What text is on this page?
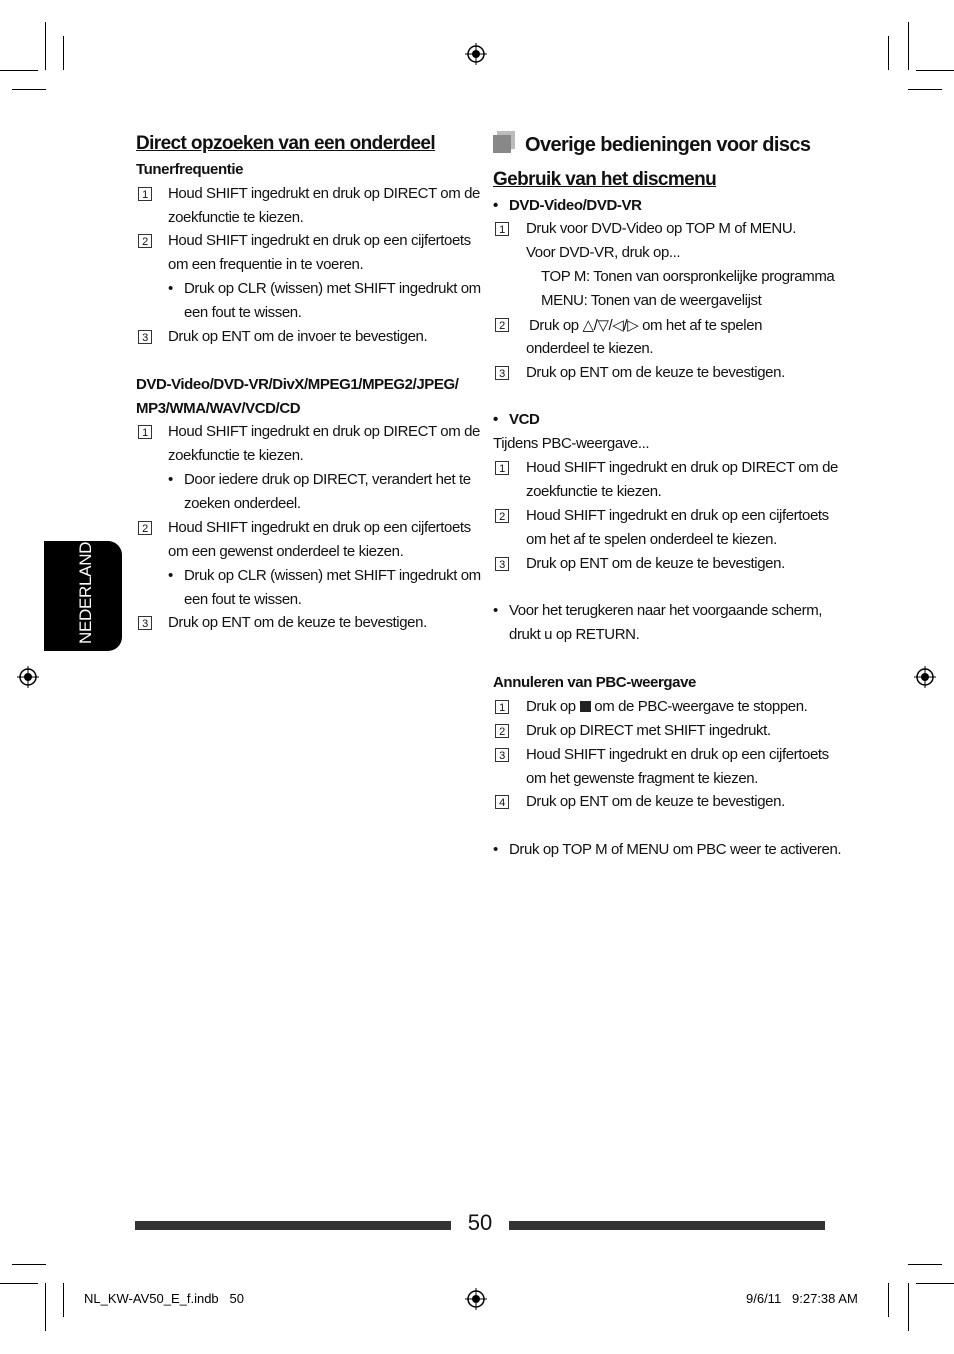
NEDERLANDS
Direct opzoeken van een onderdeel
Tunerfrequentie
1 Houd SHIFT ingedrukt en druk op DIRECT om de
zoekfunctie te kiezen.
2 Houd SHIFT ingedrukt en druk op een cijfertoets
om een frequentie in te voeren.
• Druk op CLR (wissen) met SHIFT ingedrukt om
een fout te wissen.
3 Druk op ENT om de invoer te bevestigen.
DVD-Video/DVD-VR/DivX/MPEG1/MPEG2/JPEG/
MP3/WMA/WAV/VCD/CD
1 Houd SHIFT ingedrukt en druk op DIRECT om de
zoekfunctie te kiezen.
• Door iedere druk op DIRECT, verandert het te
zoeken onderdeel.
2 Houd SHIFT ingedrukt en druk op een cijfertoets
om een gewenst onderdeel te kiezen.
• Druk op CLR (wissen) met SHIFT ingedrukt om
een fout te wissen.
3 Druk op ENT om de keuze te bevestigen.
Overige bedieningen voor discs
Gebruik van het discmenu
• DVD-Video/DVD-VR
1 Druk voor DVD-Video op TOP M of MENU.
Voor DVD-VR, druk op...
TOP M: Tonen van oorspronkelijke programma
MENU: Tonen van de weergavelijst
2 Druk op △/▽/◁/▷ om het af te spelen
onderdeel te kiezen.
3 Druk op ENT om de keuze te bevestigen.
• VCD
Tijdens PBC-weergave...
1 Houd SHIFT ingedrukt en druk op DIRECT om de
zoekfunctie te kiezen.
2 Houd SHIFT ingedrukt en druk op een cijfertoets
om het af te spelen onderdeel te kiezen.
3 Druk op ENT om de keuze te bevestigen.
• Voor het terugkeren naar het voorgaande scherm,
drukt u op RETURN.
Annuleren van PBC-weergave
1 Druk op om de PBC-weergave te stoppen.
2 Druk op DIRECT met SHIFT ingedrukt.
3 Houd SHIFT ingedrukt en druk op een cijfertoets
om het gewenste fragment te kiezen.
4 Druk op ENT om de keuze te bevestigen.
• Druk op TOP M of MENU om PBC weer te activeren.
50
NL_KW-AV50_E_f.indb   50	9/6/11   9:27:38 AM
